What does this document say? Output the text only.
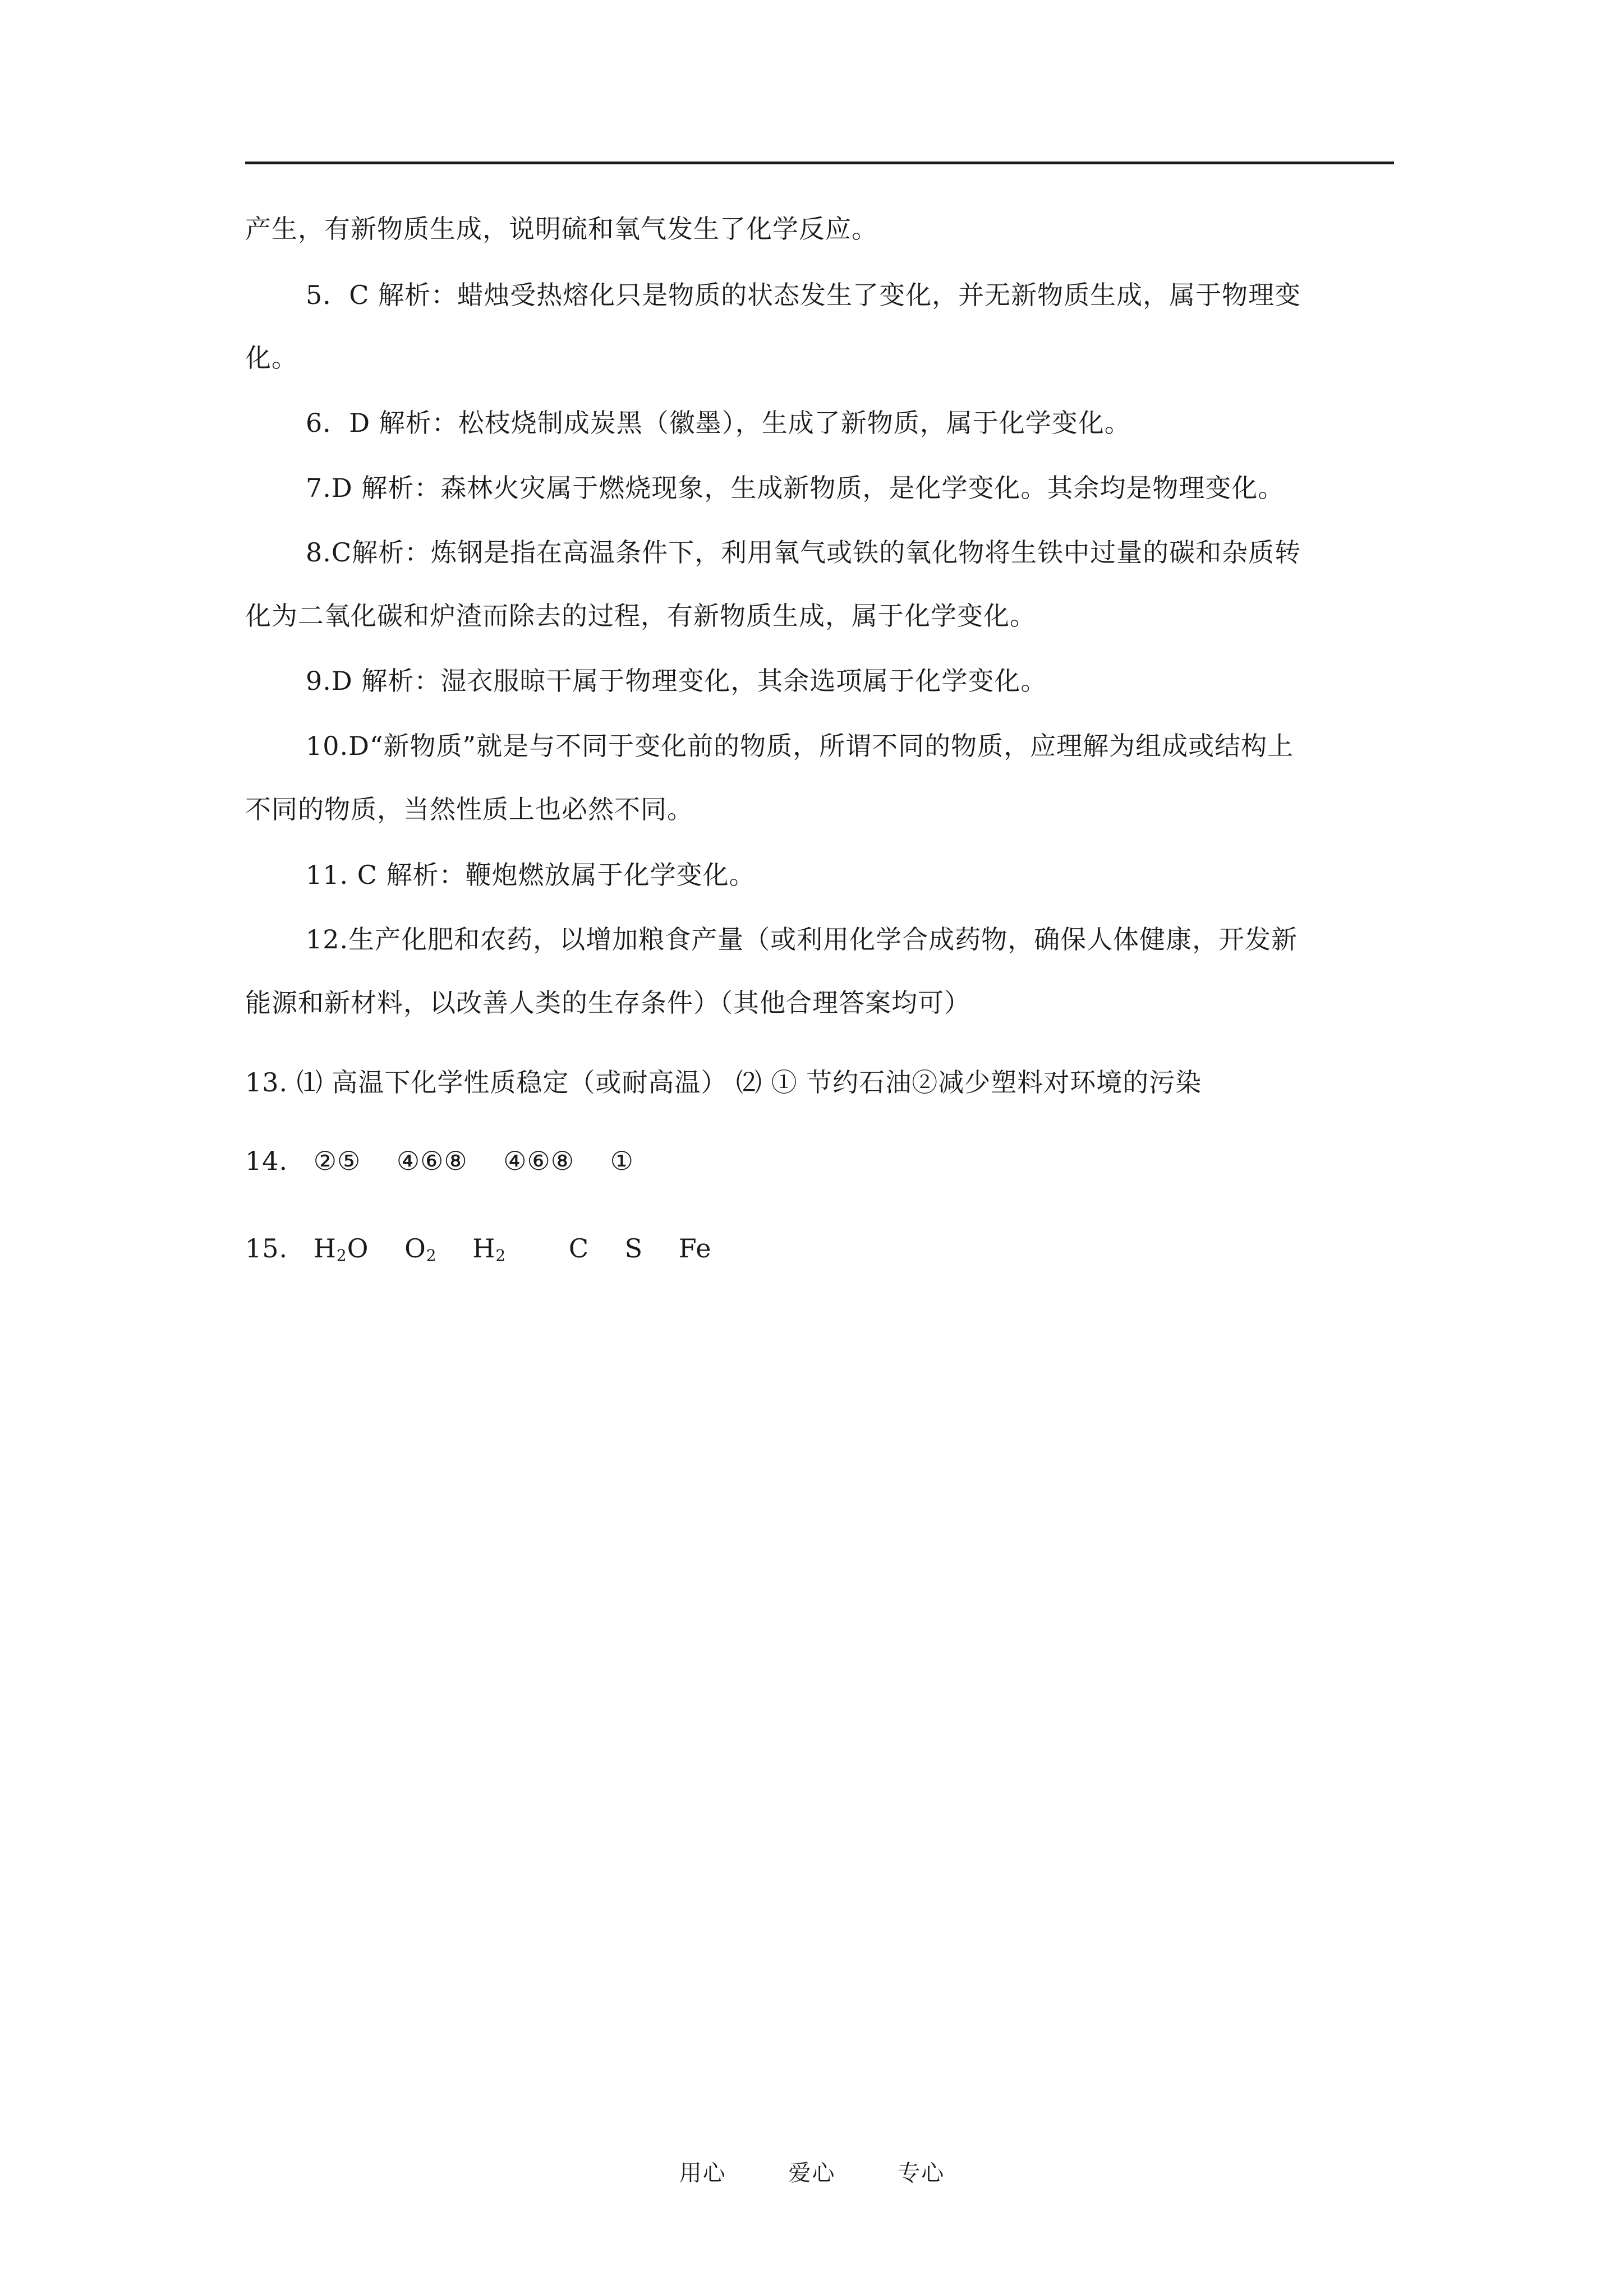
产生，有新物质生成，说明硫和氧气发生了化学反应。
5．C 解析：蜡烛受热熔化只是物质的状态发生了变化，并无新物质生成，属于物理变
化。
6．D 解析：松枝烧制成炭黑（徽墨），生成了新物质，属于化学变化。
7.D 解析：森林火灾属于燃烧现象，生成新物质，是化学变化。其余均是物理变化。
8.C解析：炼钢是指在高温条件下，利用氧气或铁的氧化物将生铁中过量的碳和杂质转
化为二氧化碳和炉渣而除去的过程，有新物质生成，属于化学变化。
9.D 解析：湿衣服晾干属于物理变化，其余选项属于化学变化。
10.D“新物质”就是与不同于变化前的物质，所谓不同的物质，应理解为组成或结构上
不同的物质，当然性质上也必然不同。
11. C 解析：鞭炮燃放属于化学变化。
12.生产化肥和农药，以增加粮食产量（或利用化学合成药物，确保人体健康，开发新
能源和新材料，以改善人类的生存条件）（其他合理答案均可）
13. ⑴ 高温下化学性质稳定（或耐高温） ⑵ ① 节约石油②减少塑料对环境的污染
14. ②⑤ ④⑥⑧ ④⑥⑧ ①
15. $H_2O$ $O_2$ $H_2$ C S Fe
用心	爱心	专心
